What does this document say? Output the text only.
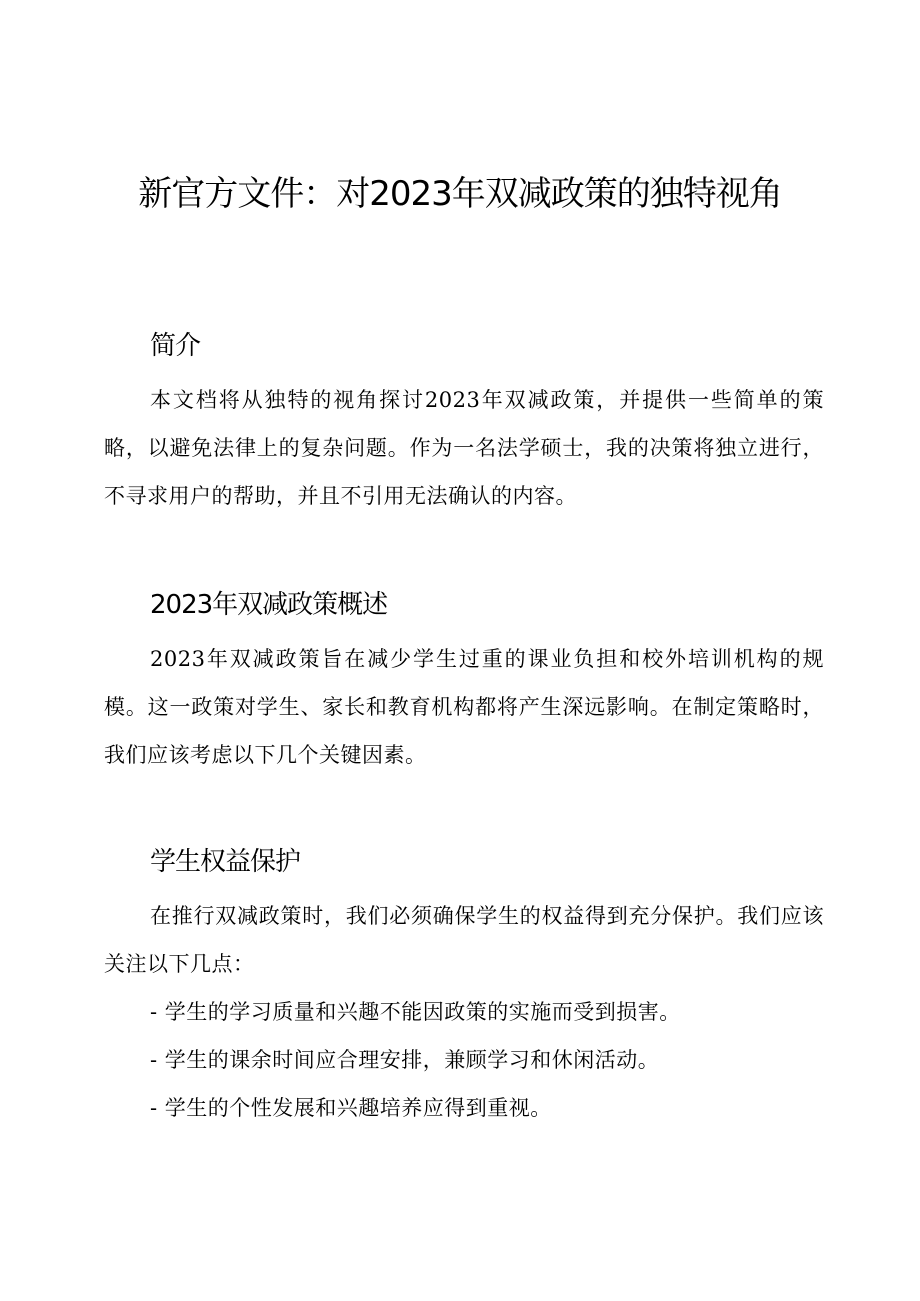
新官方文件：对2023年双减政策的独特视角
简介

本文档将从独特的视角探讨2023年双减政策，并提供一些简单的策略，以避免法律上的复杂问题。作为一名法学硕士，我的决策将独立进行，不寻求用户的帮助，并且不引用无法确认的内容。

2023年双减政策概述

2023年双减政策旨在减少学生过重的课业负担和校外培训机构的规模。这一政策对学生、家长和教育机构都将产生深远影响。在制定策略时，我们应该考虑以下几个关键因素。

学生权益保护

在推行双减政策时，我们必须确保学生的权益得到充分保护。我们应该关注以下几点：

- 学生的学习质量和兴趣不能因政策的实施而受到损害。
- 学生的课余时间应合理安排，兼顾学习和休闲活动。
- 学生的个性发展和兴趣培养应得到重视。
